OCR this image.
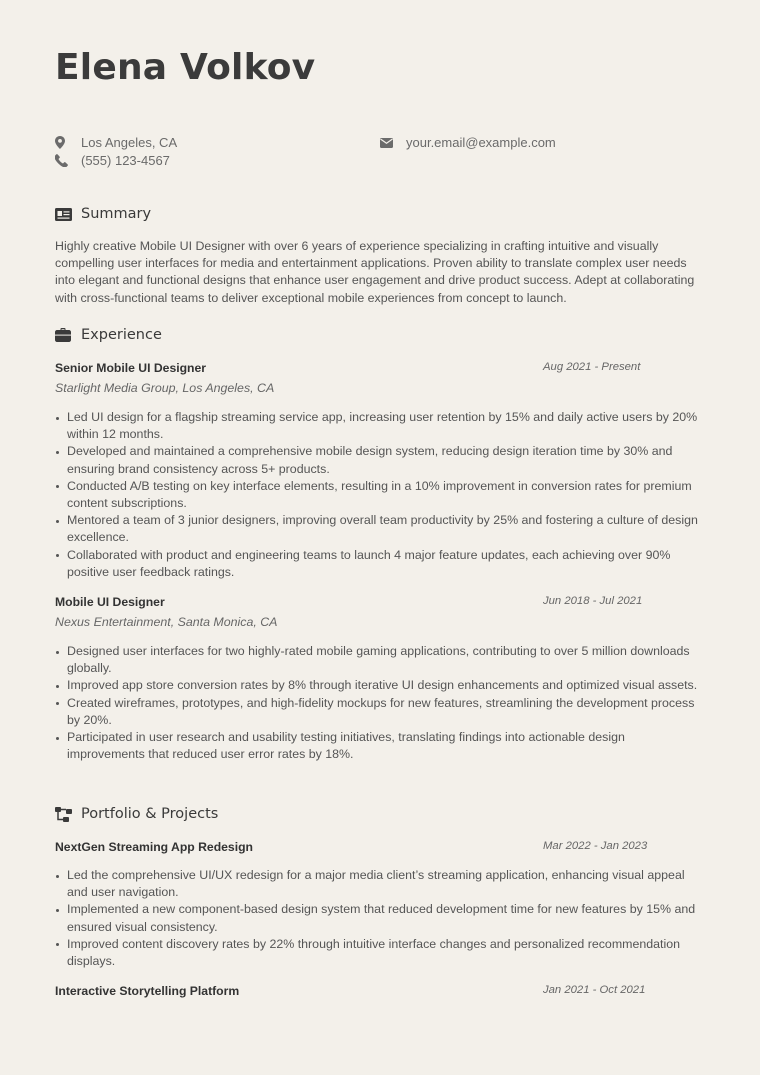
Elena Volkov
Los Angeles, CA
(555) 123-4567
your.email@example.com
Summary

Highly creative Mobile UI Designer with over 6 years of experience specializing in crafting intuitive and visually compelling user interfaces for media and entertainment applications. Proven ability to translate complex user needs into elegant and functional designs that enhance user engagement and drive product success. Adept at collaborating with cross-functional teams to deliver exceptional mobile experiences from concept to launch.

Experience
Senior Mobile UI Designer	Aug 2021 - Present
Starlight Media Group, Los Angeles, CA
Led UI design for a flagship streaming service app, increasing user retention by 15% and daily active users by 20% within 12 months.
Developed and maintained a comprehensive mobile design system, reducing design iteration time by 30% and ensuring brand consistency across 5+ products.
Conducted A/B testing on key interface elements, resulting in a 10% improvement in conversion rates for premium content subscriptions.
Mentored a team of 3 junior designers, improving overall team productivity by 25% and fostering a culture of design excellence.
Collaborated with product and engineering teams to launch 4 major feature updates, each achieving over 90% positive user feedback ratings.
Mobile UI Designer	Jun 2018 - Jul 2021
Nexus Entertainment, Santa Monica, CA
Designed user interfaces for two highly-rated mobile gaming applications, contributing to over 5 million downloads globally.
Improved app store conversion rates by 8% through iterative UI design enhancements and optimized visual assets.
Created wireframes, prototypes, and high-fidelity mockups for new features, streamlining the development process by 20%.
Participated in user research and usability testing initiatives, translating findings into actionable design improvements that reduced user error rates by 18%.
Portfolio & Projects
NextGen Streaming App Redesign	Mar 2022 - Jan 2023
Led the comprehensive UI/UX redesign for a major media client’s streaming application, enhancing visual appeal and user navigation.
Implemented a new component-based design system that reduced development time for new features by 15% and ensured visual consistency.
Improved content discovery rates by 22% through intuitive interface changes and personalized recommendation displays.
Interactive Storytelling Platform	Jan 2021 - Oct 2021
